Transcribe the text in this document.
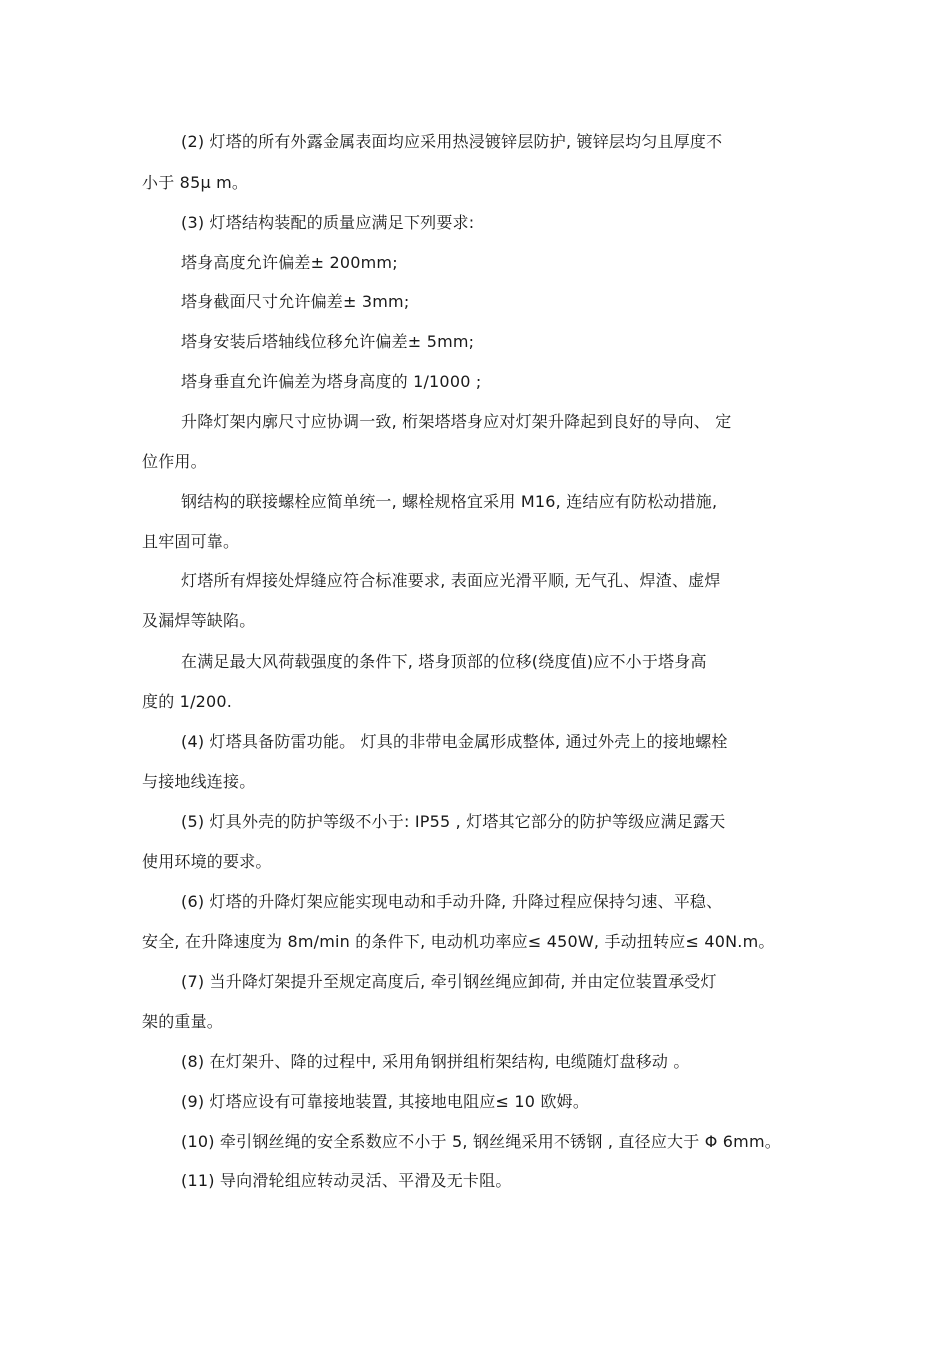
(2) 灯塔的所有外露金属表面均应采用热浸镀锌层防护, 镀锌层均匀且厚度不
小于 85μ m。
(3) 灯塔结构装配的质量应满足下列要求:
塔身高度允许偏差± 200mm;
塔身截面尺寸允许偏差± 3mm;
塔身安装后塔轴线位移允许偏差± 5mm;
塔身垂直允许偏差为塔身高度的 1/1000 ;
升降灯架内廓尺寸应协调一致, 桁架塔塔身应对灯架升降起到良好的导向、 定
位作用。
钢结构的联接螺栓应简单统一, 螺栓规格宜采用 M16, 连结应有防松动措施,
且牢固可靠。
灯塔所有焊接处焊缝应符合标准要求, 表面应光滑平顺, 无气孔、焊渣、虚焊
及漏焊等缺陷。
在满足最大风荷载强度的条件下, 塔身顶部的位移(绕度值)应不小于塔身高
度的 1/200.
(4) 灯塔具备防雷功能。 灯具的非带电金属形成整体, 通过外壳上的接地螺栓
与接地线连接。
(5) 灯具外壳的防护等级不小于: IP55 , 灯塔其它部分的防护等级应满足露天
使用环境的要求。
(6) 灯塔的升降灯架应能实现电动和手动升降, 升降过程应保持匀速、平稳、
安全, 在升降速度为 8m/min 的条件下, 电动机功率应≤ 450W, 手动扭转应≤ 40N.m。
(7) 当升降灯架提升至规定高度后, 牵引钢丝绳应卸荷, 并由定位装置承受灯
架的重量。
(8) 在灯架升、降的过程中, 采用角钢拼组桁架结构, 电缆随灯盘移动 。
(9) 灯塔应设有可靠接地装置, 其接地电阻应≤ 10 欧姆。
(10) 牵引钢丝绳的安全系数应不小于 5, 钢丝绳采用不锈钢 , 直径应大于 Φ 6mm。
(11) 导向滑轮组应转动灵活、平滑及无卡阻。
